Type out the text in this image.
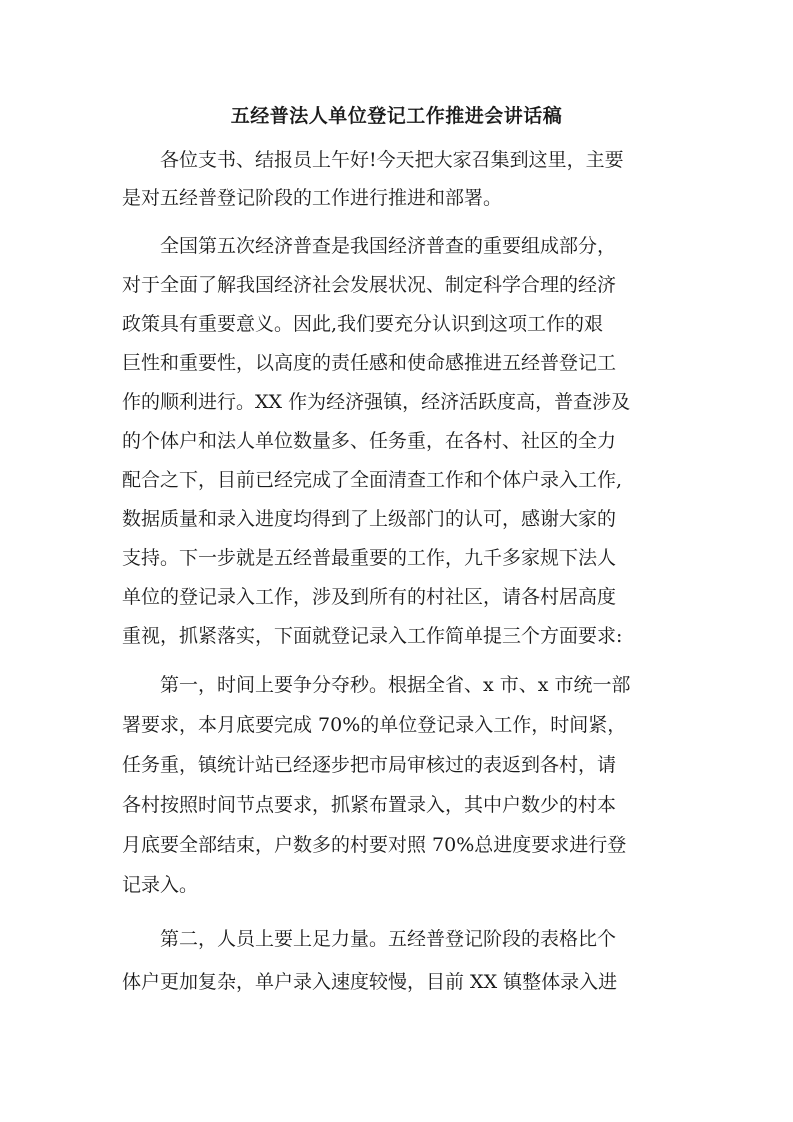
五经普法人单位登记工作推进会讲话稿

各位支书、结报员上午好!今天把大家召集到这里，主要

是对五经普登记阶段的工作进行推进和部署。

全国第五次经济普查是我国经济普查的重要组成部分，

对于全面了解我国经济社会发展状况、制定科学合理的经济

政策具有重要意义。因此,我们要充分认识到这项工作的艰

巨性和重要性，以高度的责任感和使命感推进五经普登记工

作的顺利进行。XX 作为经济强镇，经济活跃度高，普查涉及

的个体户和法人单位数量多、任务重，在各村、社区的全力

配合之下，目前已经完成了全面清查工作和个体户录入工作,

数据质量和录入进度均得到了上级部门的认可，感谢大家的

支持。下一步就是五经普最重要的工作，九千多家规下法人

单位的登记录入工作，涉及到所有的村社区，请各村居高度

重视，抓紧落实，下面就登记录入工作简单提三个方面要求:

第一，时间上要争分夺秒。根据全省、x 市、x 市统一部

署要求，本月底要完成 70%的单位登记录入工作，时间紧，

任务重，镇统计站已经逐步把市局审核过的表返到各村，请

各村按照时间节点要求，抓紧布置录入，其中户数少的村本

月底要全部结束，户数多的村要对照 70%总进度要求进行登

记录入。

第二，人员上要上足力量。五经普登记阶段的表格比个

体户更加复杂，单户录入速度较慢，目前 XX 镇整体录入进
